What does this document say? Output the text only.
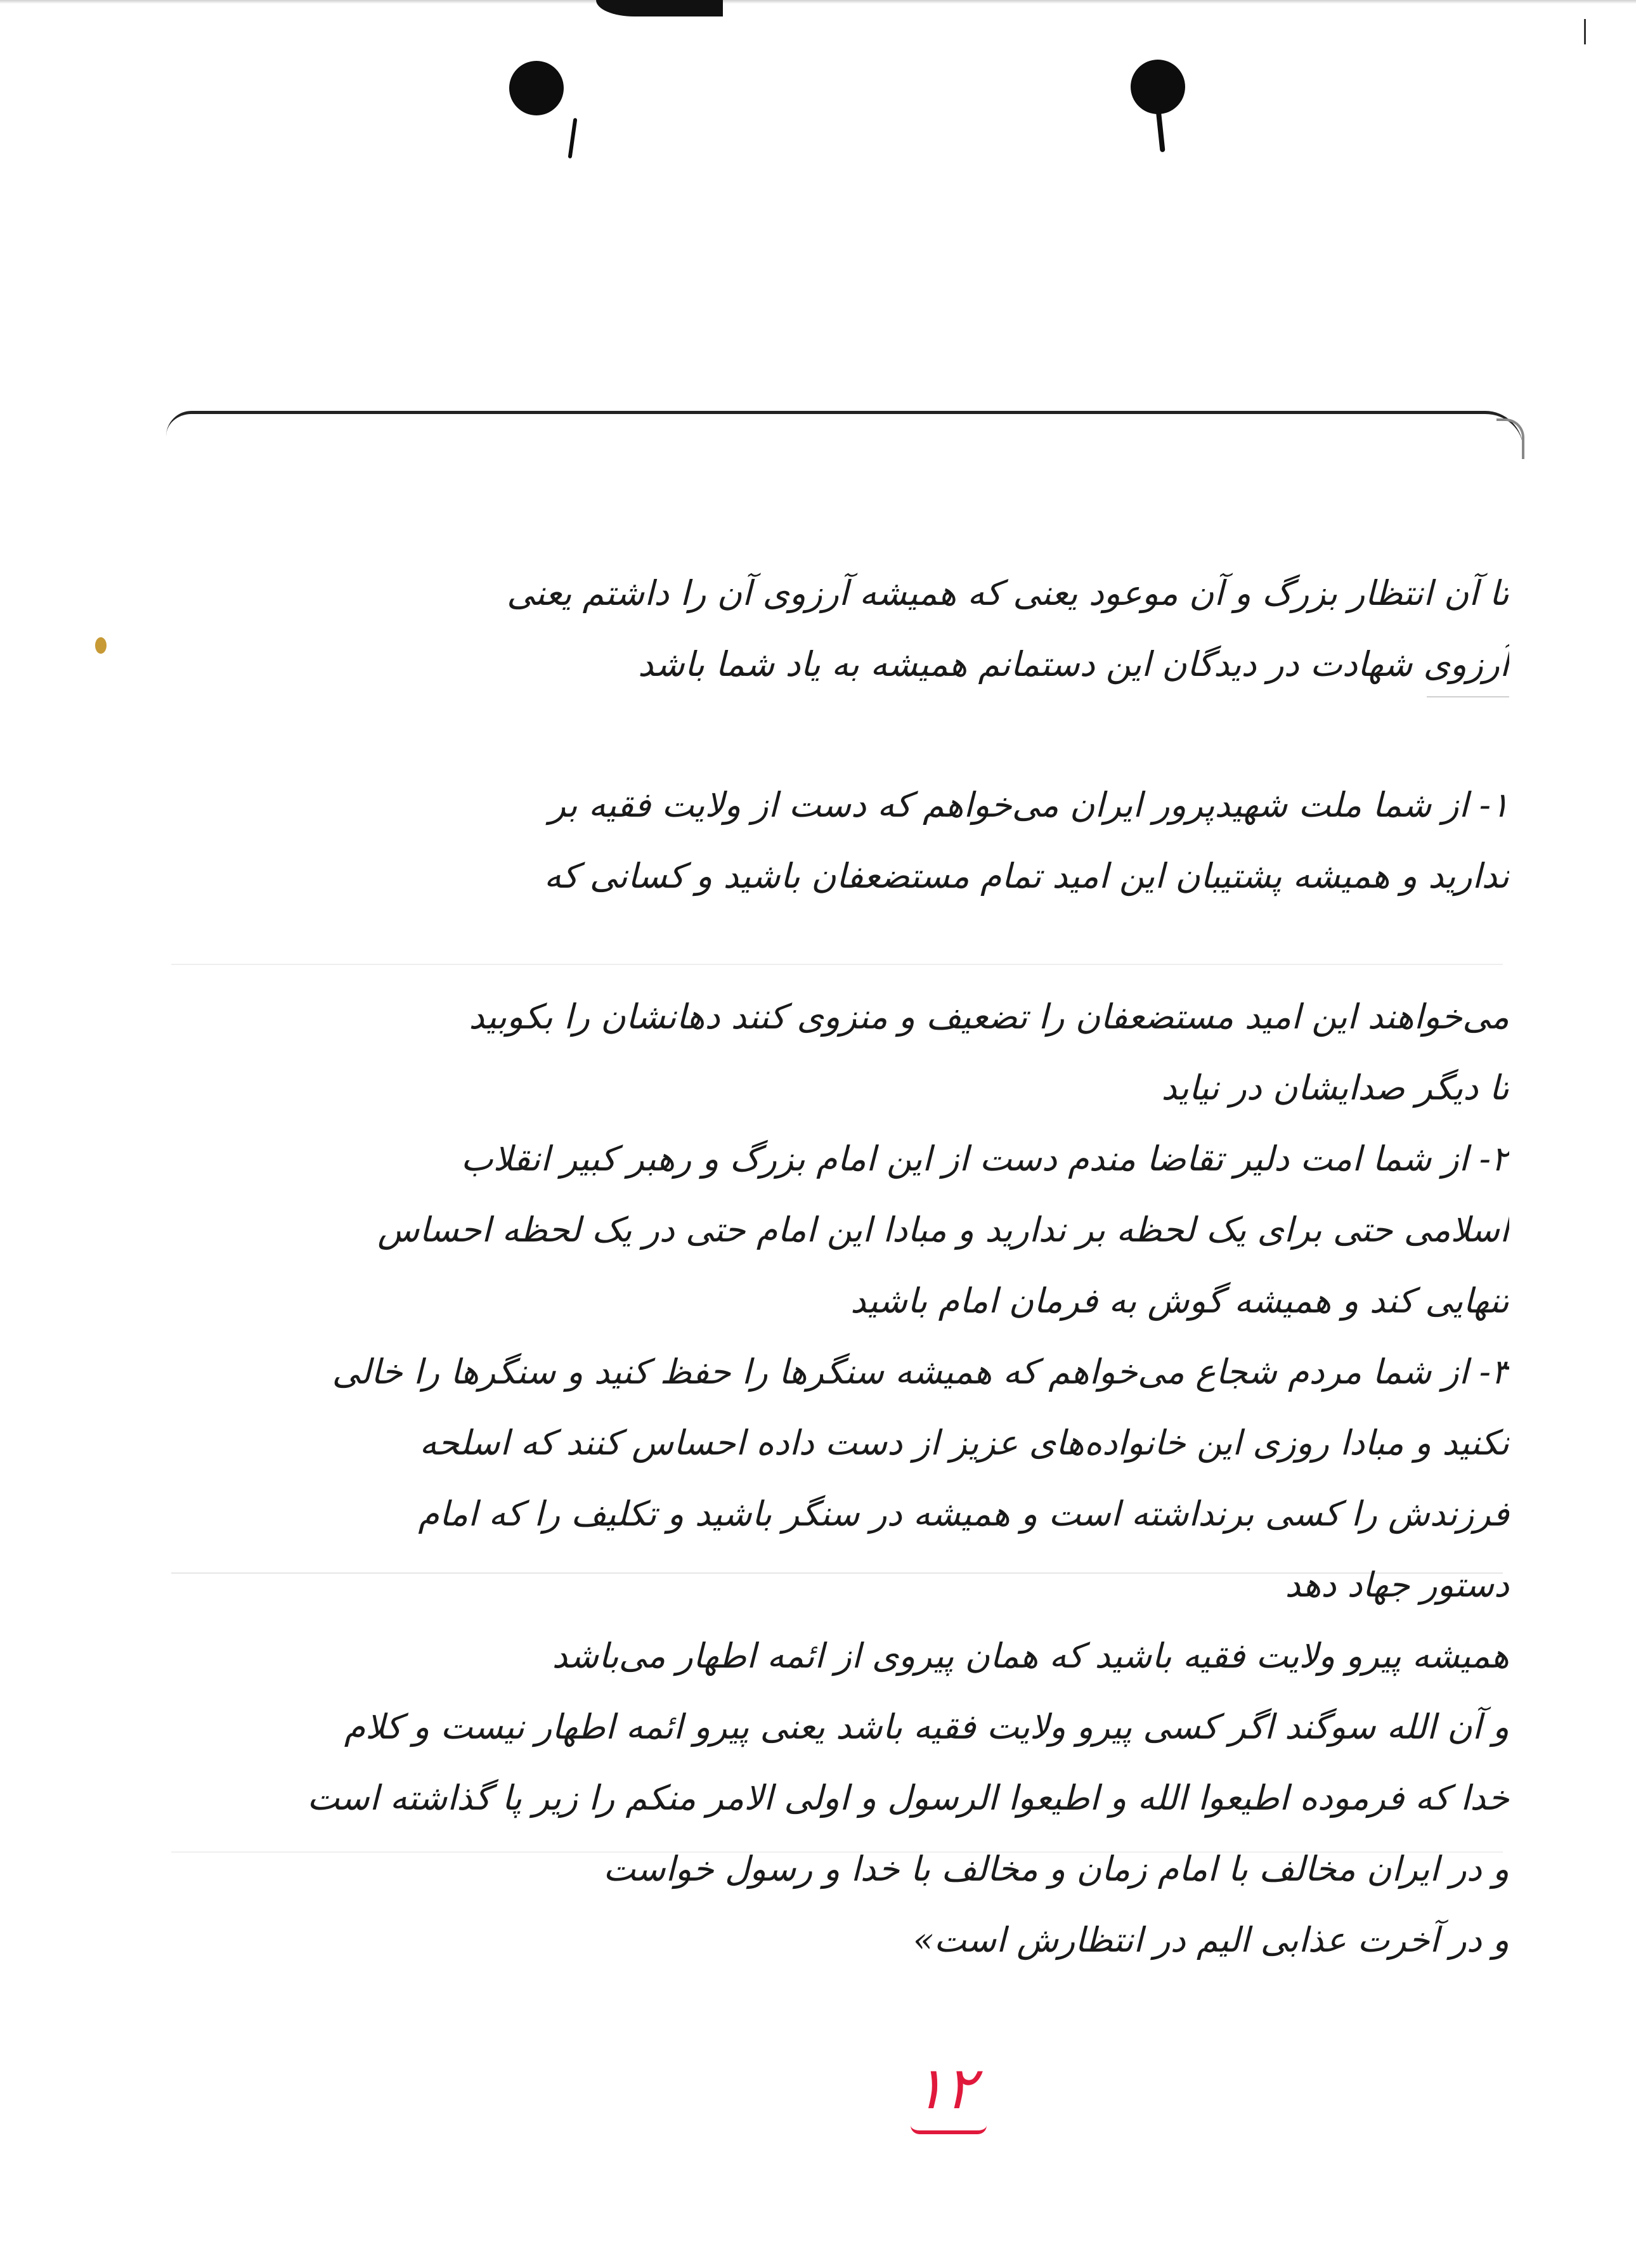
تا آن انتظار بزرگ و آن موعود یعنی که همیشه آرزوی آن را داشتم یعنی
آرزوی شهادت در دیدگان این دستمانم همیشه به یاد شما باشد
۱- از شما ملت شهیدپرور ایران می‌خواهم که دست از ولایت فقیه بر
ندارید و همیشه پشتیبان این امید تمام مستضعفان باشید و کسانی که
می‌خواهند این امید مستضعفان را تضعیف و منزوی کنند دهانشان را بکوبید
تا دیگر صدایشان در نیاید
۲- از شما امت دلیر تقاضا مندم دست از این امام بزرگ و رهبر کبیر انقلاب
اسلامی حتی برای یک لحظه بر ندارید و مبادا این امام حتی در یک لحظه احساس
تنهایی کند و همیشه گوش به فرمان امام باشید
۳- از شما مردم شجاع می‌خواهم که همیشه سنگرها را حفظ کنید و سنگرها را خالی
نکنید و مبادا روزی این خانواده‌های عزیز از دست داده احساس کنند که اسلحه
فرزندش را کسی برنداشته است و همیشه در سنگر باشید و تکلیف را که امام
دستور جهاد دهد
همیشه پیرو ولایت فقیه باشید که همان پیروی از ائمه اطهار می‌باشد
و آن الله سوگند اگر کسی پیرو ولایت فقیه باشد یعنی پیرو ائمه اطهار نیست و کلام
خدا که فرموده اطیعوا الله و اطیعوا الرسول و اولی الامر منکم را زیر پا گذاشته است
و در ایران مخالف با امام زمان و مخالف با خدا و رسول خواست
و در آخرت عذابی الیم در انتظارش است»
۱۲
